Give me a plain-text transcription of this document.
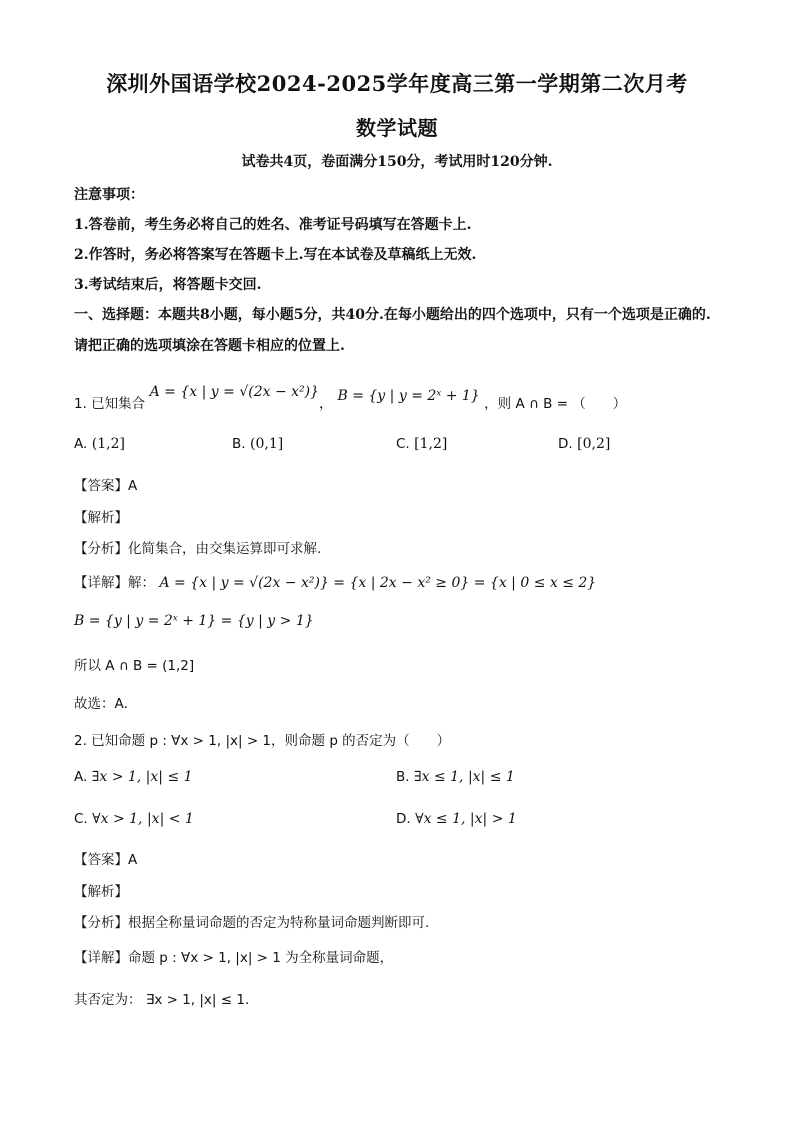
深圳外国语学校2024-2025学年度高三第一学期第二次月考
数学试题
试卷共4页，卷面满分150分，考试用时120分钟.
注意事项：
1.答卷前，考生务必将自己的姓名、准考证号码填写在答题卡上.
2.作答时，务必将答案写在答题卡上.写在本试卷及草稿纸上无效.
3.考试结束后，将答题卡交回.
一、选择题：本题共8小题，每小题5分，共40分.在每小题给出的四个选项中，只有一个选项是正确的.请把正确的选项填涂在答题卡相应的位置上.
1. 已知集合 A = {x | y = √(2x − x²)}， B = {y | y = 2ˣ + 1} ，则 A ∩ B = （　　）
A. (1,2]	B. (0,1]	C. [1,2]	D. [0,2]
【答案】A
【解析】
【分析】化简集合，由交集运算即可求解.
【详解】解： A = {x | y = √(2x − x²)} = {x | 2x − x² ≥ 0} = {x | 0 ≤ x ≤ 2}
B = {y | y = 2ˣ + 1} = {y | y > 1}
所以 A ∩ B = (1,2]
故选：A．
2. 已知命题 p : ∀x > 1, |x| > 1，则命题 p 的否定为（　　）
A. ∃x > 1, |x| ≤ 1	B. ∃x ≤ 1, |x| ≤ 1
C. ∀x > 1, |x| < 1	D. ∀x ≤ 1, |x| > 1
【答案】A
【解析】
【分析】根据全称量词命题的否定为特称量词命题判断即可.
【详解】命题 p : ∀x > 1, |x| > 1 为全称量词命题，
其否定为： ∃x > 1, |x| ≤ 1.
